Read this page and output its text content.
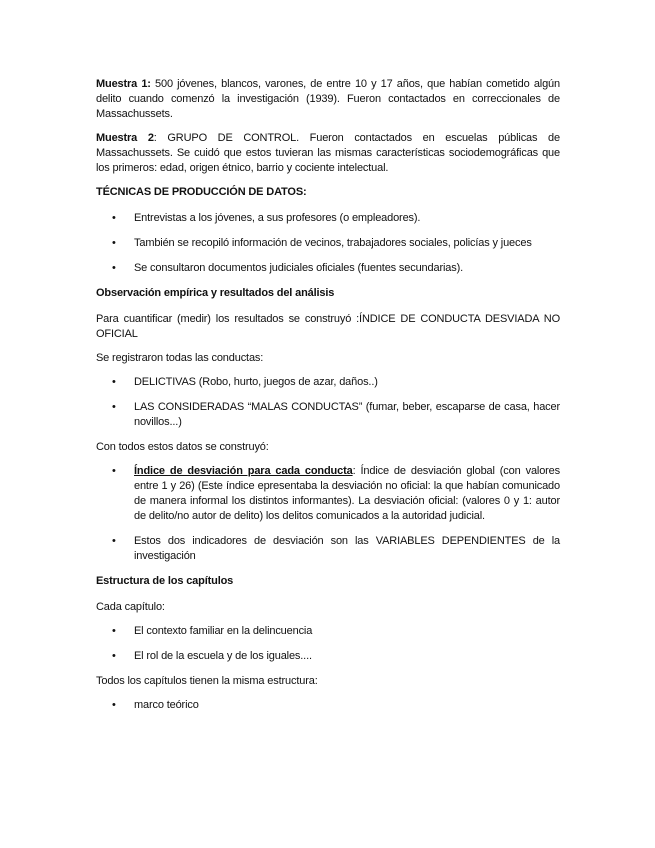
Muestra 1: 500 jóvenes, blancos, varones, de entre 10 y 17 años, que habían cometido algún delito cuando comenzó la investigación (1939). Fueron contactados en correccionales de Massachussets.

Muestra 2: GRUPO DE CONTROL. Fueron contactados en escuelas públicas de Massachussets. Se cuidó que estos tuvieran las mismas características sociodemográficas que los primeros: edad, origen étnico, barrio y cociente intelectual.

TÉCNICAS DE PRODUCCIÓN DE DATOS:

• Entrevistas a los jóvenes, a sus profesores (o empleadores).
• También se recopiló información de vecinos, trabajadores sociales, policías y jueces
• Se consultaron documentos judiciales oficiales (fuentes secundarias).

Observación empírica y resultados del análisis

Para cuantificar (medir) los resultados se construyó :ÍNDICE DE CONDUCTA DESVIADA NO OFICIAL

Se registraron todas las conductas:

• DELICTIVAS (Robo, hurto, juegos de azar, daños..)
• LAS CONSIDERADAS “MALAS CONDUCTAS” (fumar, beber, escaparse de casa, hacer novillos...)

Con todos estos datos se construyó:

• Índice de desviación para cada conducta: Índice de desviación global (con valores entre 1 y 26) (Este índice epresentaba la desviación no oficial: la que habían comunicado de manera informal los distintos informantes). La desviación oficial: (valores 0 y 1: autor de delito/no autor de delito) los delitos comunicados a la autoridad judicial.
• Estos dos indicadores de desviación son las VARIABLES DEPENDIENTES de la investigación

Estructura de los capítulos

Cada capítulo:

• El contexto familiar en la delincuencia
• El rol de la escuela y de los iguales....

Todos los capítulos tienen la misma estructura:

• marco teórico
